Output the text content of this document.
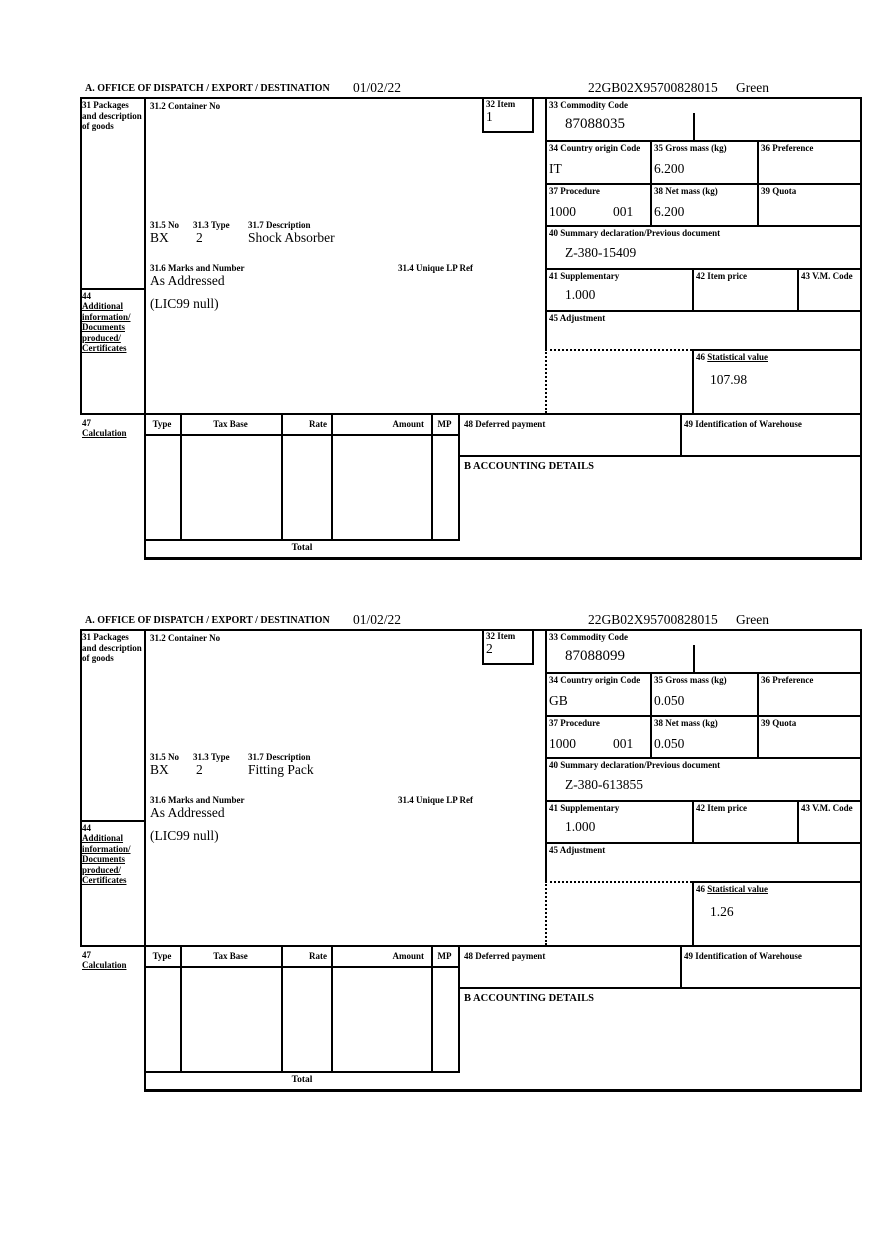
A. OFFICE OF DISPATCH / EXPORT / DESTINATION 01/02/22	22GB02X95700828015 Green
31 Packages and description of goods
31.2 Container No	32 Item
1
33 Commodity Code
87088035
34 Country origin Code
IT
35 Gross mass (kg)
6.200
36 Preference
37 Procedure
1000	001
38 Net mass (kg)
6.200
39 Quota
40 Summary declaration/Previous document
Z-380-15409
41 Supplementary
1.000
42 Item price	43 V.M. Code
45 Adjustment
46 Statistical value
107.98
31.5 No 31.3 Type 31.7 Description
BX 2	Shock Absorber
31.6 Marks and Number	31.4 Unique LP Ref
As Addressed
(LIC99 null)
44
Additional information/ Documents produced/ Certificates
47
Calculation
Type	Tax Base	Rate	Amount	MP	48 Deferred payment	49 Identification of Warehouse
B ACCOUNTING DETAILS
Total
A. OFFICE OF DISPATCH / EXPORT / DESTINATION 01/02/22	22GB02X95700828015 Green
31 Packages and description of goods
31.2 Container No	32 Item
2
33 Commodity Code
87088099
34 Country origin Code
GB
35 Gross mass (kg)
0.050
36 Preference
37 Procedure
1000	001
38 Net mass (kg)
0.050
39 Quota
40 Summary declaration/Previous document
Z-380-613855
41 Supplementary
1.000
42 Item price	43 V.M. Code
45 Adjustment
46 Statistical value
1.26
31.5 No 31.3 Type 31.7 Description
BX 2	Fitting Pack
31.6 Marks and Number	31.4 Unique LP Ref
As Addressed
(LIC99 null)
44
Additional information/ Documents produced/ Certificates
47
Calculation
Type	Tax Base	Rate	Amount	MP	48 Deferred payment	49 Identification of Warehouse
B ACCOUNTING DETAILS
Total
